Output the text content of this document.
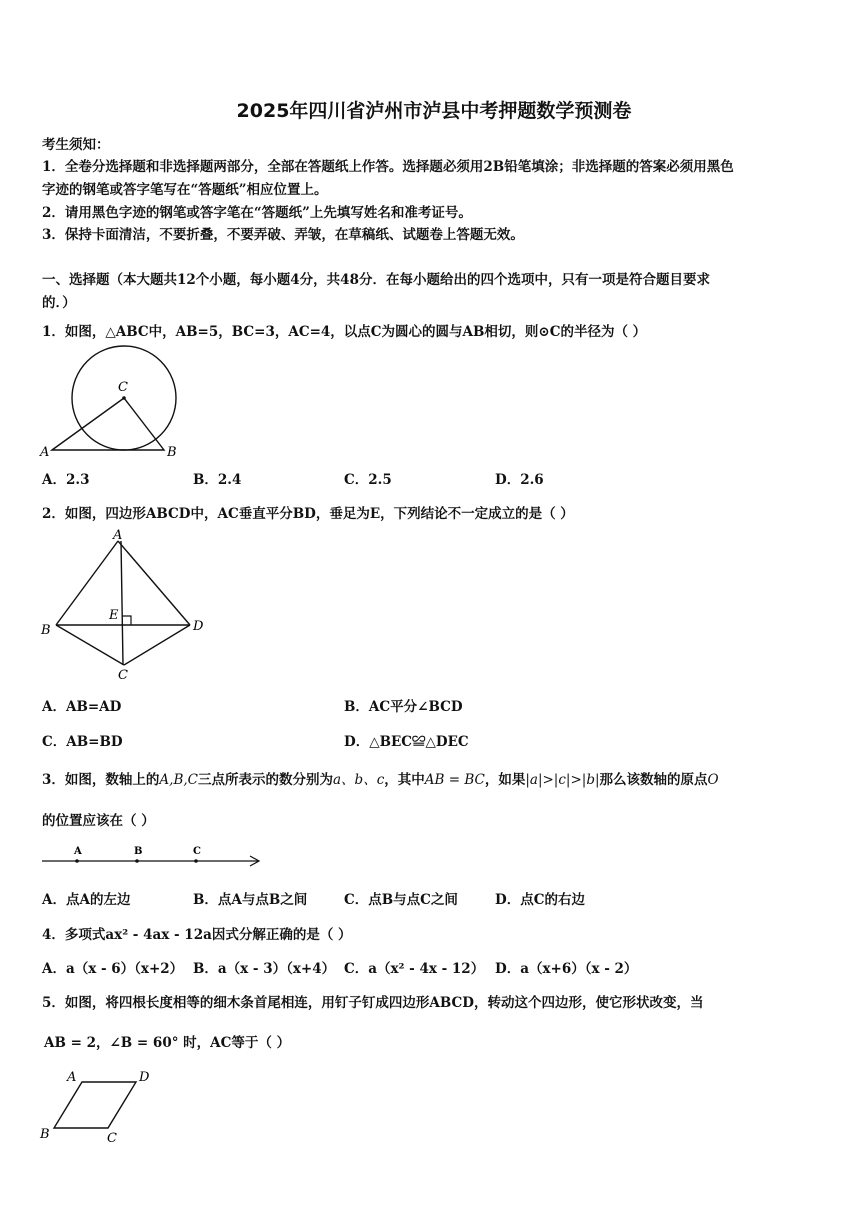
2025年四川省泸州市泸县中考押题数学预测卷
考生须知：
1．全卷分选择题和非选择题两部分，全部在答题纸上作答。选择题必须用2B铅笔填涂；非选择题的答案必须用黑色
字迹的钢笔或答字笔写在“答题纸”相应位置上。
2．请用黑色字迹的钢笔或答字笔在“答题纸”上先填写姓名和准考证号。
3．保持卡面清洁，不要折叠，不要弄破、弄皱，在草稿纸、试题卷上答题无效。
一、选择题（本大题共12个小题，每小题4分，共48分．在每小题给出的四个选项中，只有一项是符合题目要求
的．）
1．如图，△ABC中，AB=5，BC=3，AC=4，以点C为圆心的圆与AB相切，则⊙C的半径为（ ）
C
A	B
A．2.3	B．2.4	C．2.5	D．2.6
2．如图，四边形ABCD中，AC垂直平分BD，垂足为E，下列结论不一定成立的是（ ）
A
B	D
C
E
A．AB=AD	B．AC平分∠BCD
C．AB=BD	D．△BEC≌△DEC
3．如图，数轴上的A,B,C三点所表示的数分别为a、b、c，其中AB = BC，如果|a|>|c|>|b|那么该数轴的原点O
的位置应该在（ ）
A	B	C
A．点A的左边	B．点A与点B之间	C．点B与点C之间	D．点C的右边
4．多项式ax² - 4ax - 12a因式分解正确的是（ ）
A．a（x - 6）（x+2） B．a（x - 3）（x+4） C．a（x² - 4x - 12） D．a（x+6）（x - 2）
5．如图，将四根长度相等的细木条首尾相连，用钉子钉成四边形ABCD，转动这个四边形，使它形状改变，当
AB = 2，∠B = 60° 时，AC等于（ ）
A	D
B	C
